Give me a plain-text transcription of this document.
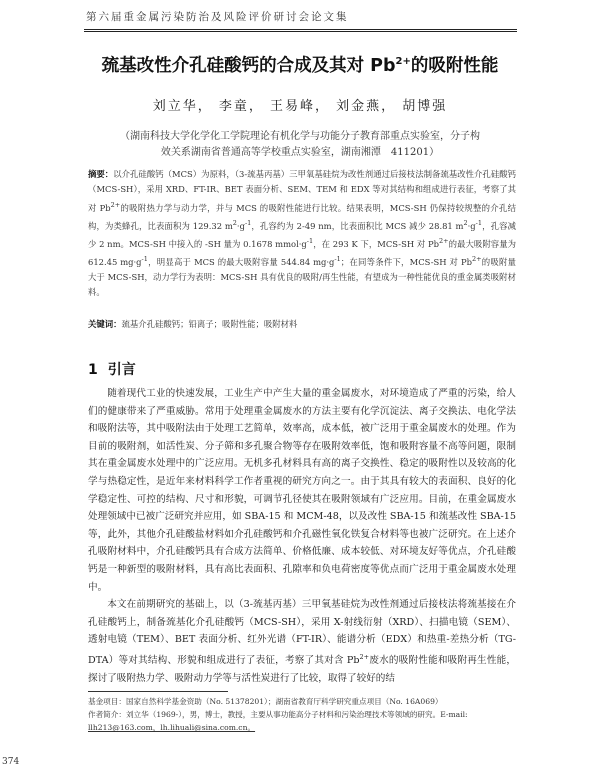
第六届重金属污染防治及风险评价研讨会论文集
巯基改性介孔硅酸钙的合成及其对 $Pb^{2+}$的吸附性能
刘立华， 李童， 王易峰， 刘金燕， 胡博强
（湖南科技大学化学化工学院理论有机化学与功能分子教育部重点实验室，分子构
效关系湖南省普通高等学校重点实验室，湖南湘潭　411201）
摘要：以介孔硅酸钙（MCS）为原料，（3-巯基丙基）三甲氧基硅烷为改性剂通过后接枝法制备巯基改性介孔硅酸钙（MCS-SH），采用 XRD、FT-IR、BET 表面分析、SEM、TEM 和 EDX 等对其结构和组成进行表征，考察了其对 $Pb^{2+}$的吸附热力学与动力学，并与 MCS 的吸附性能进行比较。结果表明，MCS-SH 仍保持较规整的介孔结构，为类蜂孔，比表面积为 129.32 $m^2\cdot g^{-1}$，孔容约为 2-49 nm，比表面积比 MCS 减少 28.81 $m^2\cdot g^{-1}$，孔容减少 2 nm。MCS-SH 中接入的 -SH 量为 0.1678 $mmol\cdot g^{-1}$，在 293 K 下，MCS-SH 对 $Pb^{2+}$的最大吸附容量为 612.45 $mg\cdot g^{-1}$，明显高于 MCS 的最大吸附容量 544.84 $mg\cdot g^{-1}$；在同等条件下，MCS-SH 对 $Pb^{2+}$的吸附量大于 MCS-SH，动力学行为表明：MCS-SH 具有优良的吸附/再生性能，有望成为一种性能优良的重金属类吸附材料。
关键词：巯基介孔硅酸钙；铅离子；吸附性能；吸附材料
1 引言

随着现代工业的快速发展，工业生产中产生大量的重金属废水，对环境造成了严重的污染，给人们的健康带来了严重威胁。常用于处理重金属废水的方法主要有化学沉淀法、离子交换法、电化学法和吸附法等，其中吸附法由于处理工艺简单，效率高，成本低，被广泛用于重金属废水的处理。作为目前的吸附剂，如活性炭、分子筛和多孔聚合物等存在吸附效率低，饱和吸附容量不高等问题，限制其在重金属废水处理中的广泛应用。无机多孔材料具有高的离子交换性、稳定的吸附性以及较高的化学与热稳定性，是近年来材料科学工作者重视的研究方向之一。由于其具有较大的表面积、良好的化学稳定性、可控的结构、尺寸和形貌，可调节孔径使其在吸附领域有广泛应用。目前，在重金属废水处理领域中已被广泛研究并应用，如 SBA-15 和 MCM-48，以及改性 SBA-15 和巯基改性 SBA-15 等，此外，其他介孔硅酸盐材料如介孔硅酸钙和介孔磁性氧化铁复合材料等也被广泛研究。在上述介孔吸附材料中，介孔硅酸钙具有合成方法简单、价格低廉、成本较低、对环境友好等优点，介孔硅酸钙是一种新型的吸附材料，具有高比表面积、孔隙率和负电荷密度等优点而广泛用于重金属废水处理中。

本文在前期研究的基础上，以（3-巯基丙基）三甲氧基硅烷为改性剂通过后接枝法将巯基接在介孔硅酸钙上，制备巯基化介孔硅酸钙（MCS-SH），采用 X-射线衍射（XRD）、扫描电镜（SEM）、透射电镜（TEM）、BET 表面分析、红外光谱（FT-IR）、能谱分析（EDX）和热重-差热分析（TG-DTA）等对其结构、形貌和组成进行了表征，考察了其对含 $Pb^{2+}$废水的吸附性能和吸附再生性能，探讨了吸附热力学、吸附动力学等与活性炭进行了比较，取得了较好的结

基金项目：国家自然科学基金资助（No. 51378201）；湖南省教育厅科学研究重点项目（No. 16A069）
作者简介：刘立华（1969-），男，博士，教授，主要从事功能高分子材料和污染治理技术等领域的研究。E-mail:
llh213@163.com，lh.lihuali@sina.com.cn。
374
